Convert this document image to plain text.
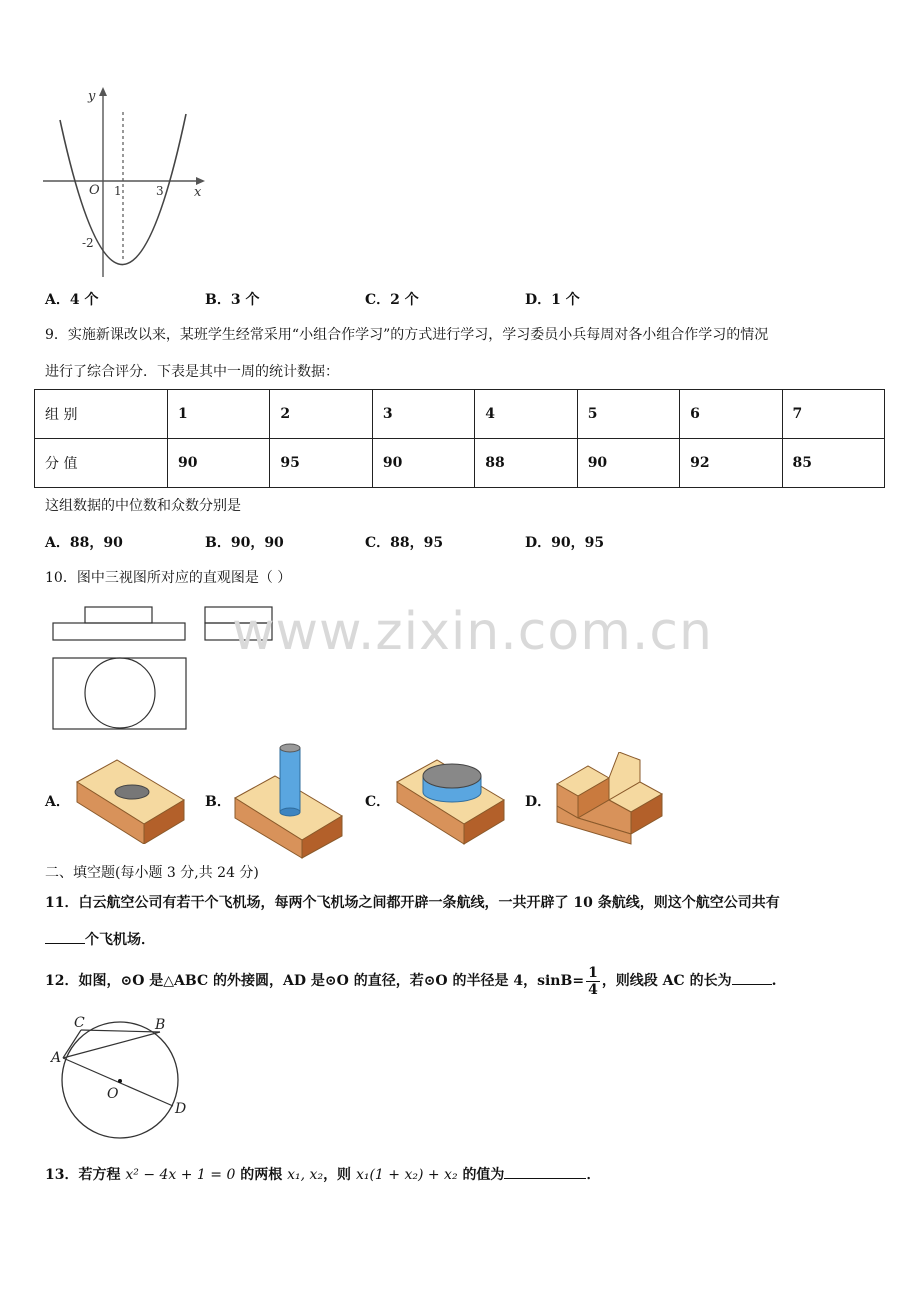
y
x
O 1	3
-2
A．4 个	B．3 个	C．2 个	D．1 个
9．实施新课改以来，某班学生经常采用“小组合作学习”的方式进行学习，学习委员小兵每周对各小组合作学习的情况
进行了综合评分．下表是其中一周的统计数据：
组 别	1	2	3	4	5	6	7
分 值	90	95	90	88	90	92	85
这组数据的中位数和众数分别是
A．88，90	B．90，90	C．88，95	D．90，95
10．图中三视图所对应的直观图是（ ）
www.zixin.com.cn
A．	B．	C．	D．
二、填空题(每小题 3 分,共 24 分)
11．白云航空公司有若干个飞机场，每两个飞机场之间都开辟一条航线，一共开辟了 10 条航线，则这个航空公司共有
个飞机场．
12．如图，⊙O 是△ABC 的外接圆，AD 是⊙O 的直径，若⊙O 的半径是 4，$\sin B= \frac{1}{4}$ ，则线段 AC 的长为	.
C	B
A
O
D
13．若方程 x² − 4x + 1 = 0 的两根 x₁, x₂，则 x₁(1 + x₂) + x₂ 的值为	．
